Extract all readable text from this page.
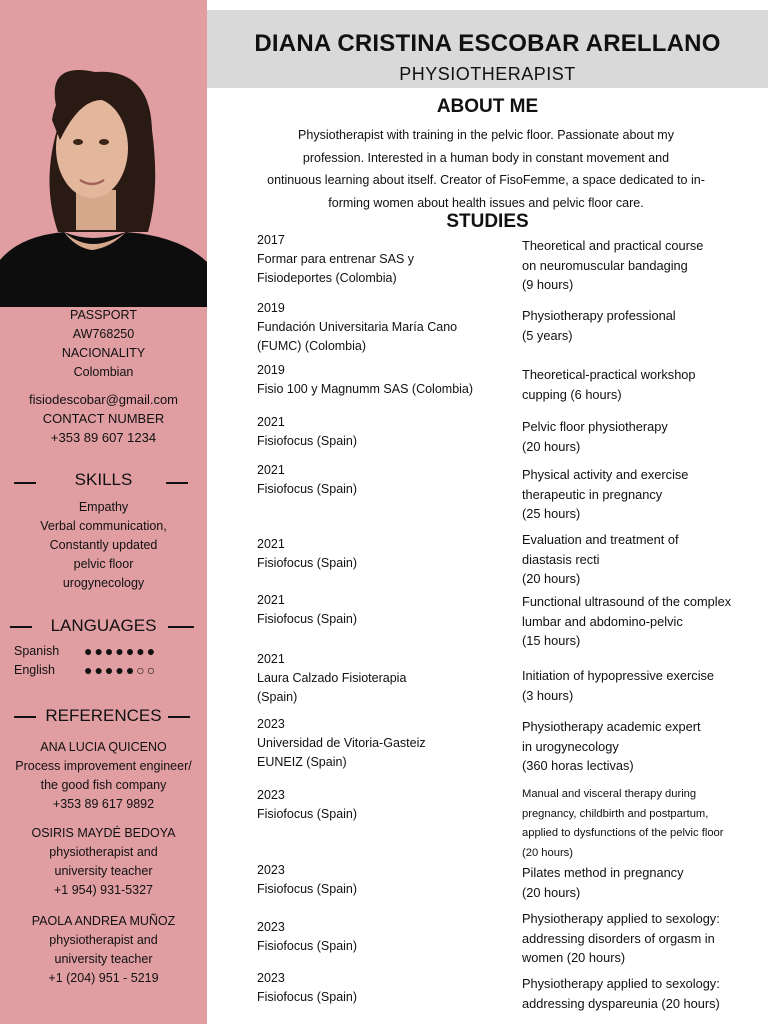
PASSPORT
AW768250
NACIONALITY
Colombian
fisiodescobar@gmail.com
CONTACT NUMBER
+353 89 607 1234
SKILLS
Empathy
Verbal communication,
Constantly updated
pelvic floor
urogynecology
LANGUAGES
Spanish ●●●●●●●
English ●●●●●○○
REFERENCES
ANA LUCIA QUICENO
Process improvement engineer/
the good fish company
+353 89 617 9892
OSIRIS MAYDÉ BEDOYA
physiotherapist and
university teacher
+1 954) 931-5327
PAOLA ANDREA MUÑOZ
physiotherapist and
university teacher
+1 (204) 951 - 5219
DIANA CRISTINA ESCOBAR ARELLANO
PHYSIOTHERAPIST
ABOUT ME
Physiotherapist with training in the pelvic floor. Passionate about my
profession. Interested in a human body in constant movement and
ontinuous learning about itself. Creator of FisoFemme, a space dedicated to in-
forming women about health issues and pelvic floor care.
STUDIES
2017
Formar para entrenar SAS y
Fisiodeportes (Colombia)
Theoretical and practical course
on neuromuscular bandaging
(9 hours)
2019
Fundación Universitaria María Cano
(FUMC) (Colombia)
Physiotherapy professional
(5 years)
2019
Fisio 100 y Magnumm SAS (Colombia)
Theoretical-practical workshop
cupping (6 hours)
2021
Fisiofocus (Spain)
Pelvic floor physiotherapy
(20 hours)
2021
Fisiofocus (Spain)
Physical activity and exercise
therapeutic in pregnancy
(25 hours)
2021
Fisiofocus (Spain)
Evaluation and treatment of
diastasis recti
(20 hours)
2021
Fisiofocus (Spain)
Functional ultrasound of the complex
lumbar and abdomino-pelvic
(15 hours)
2021
Laura Calzado Fisioterapia
(Spain)
Initiation of hypopressive exercise
(3 hours)
2023
Universidad de Vitoria-Gasteiz
EUNEIZ (Spain)
Physiotherapy academic expert
in urogynecology
(360 horas lectivas)
2023
Fisiofocus (Spain)
Manual and visceral therapy during
pregnancy, childbirth and postpartum,
applied to dysfunctions of the pelvic floor
(20 hours)
2023
Fisiofocus (Spain)
Pilates method in pregnancy
(20 hours)
2023
Fisiofocus (Spain)
Physiotherapy applied to sexology:
addressing disorders of orgasm in
women (20 hours)
2023
Fisiofocus (Spain)
Physiotherapy applied to sexology:
addressing dyspareunia (20 hours)
